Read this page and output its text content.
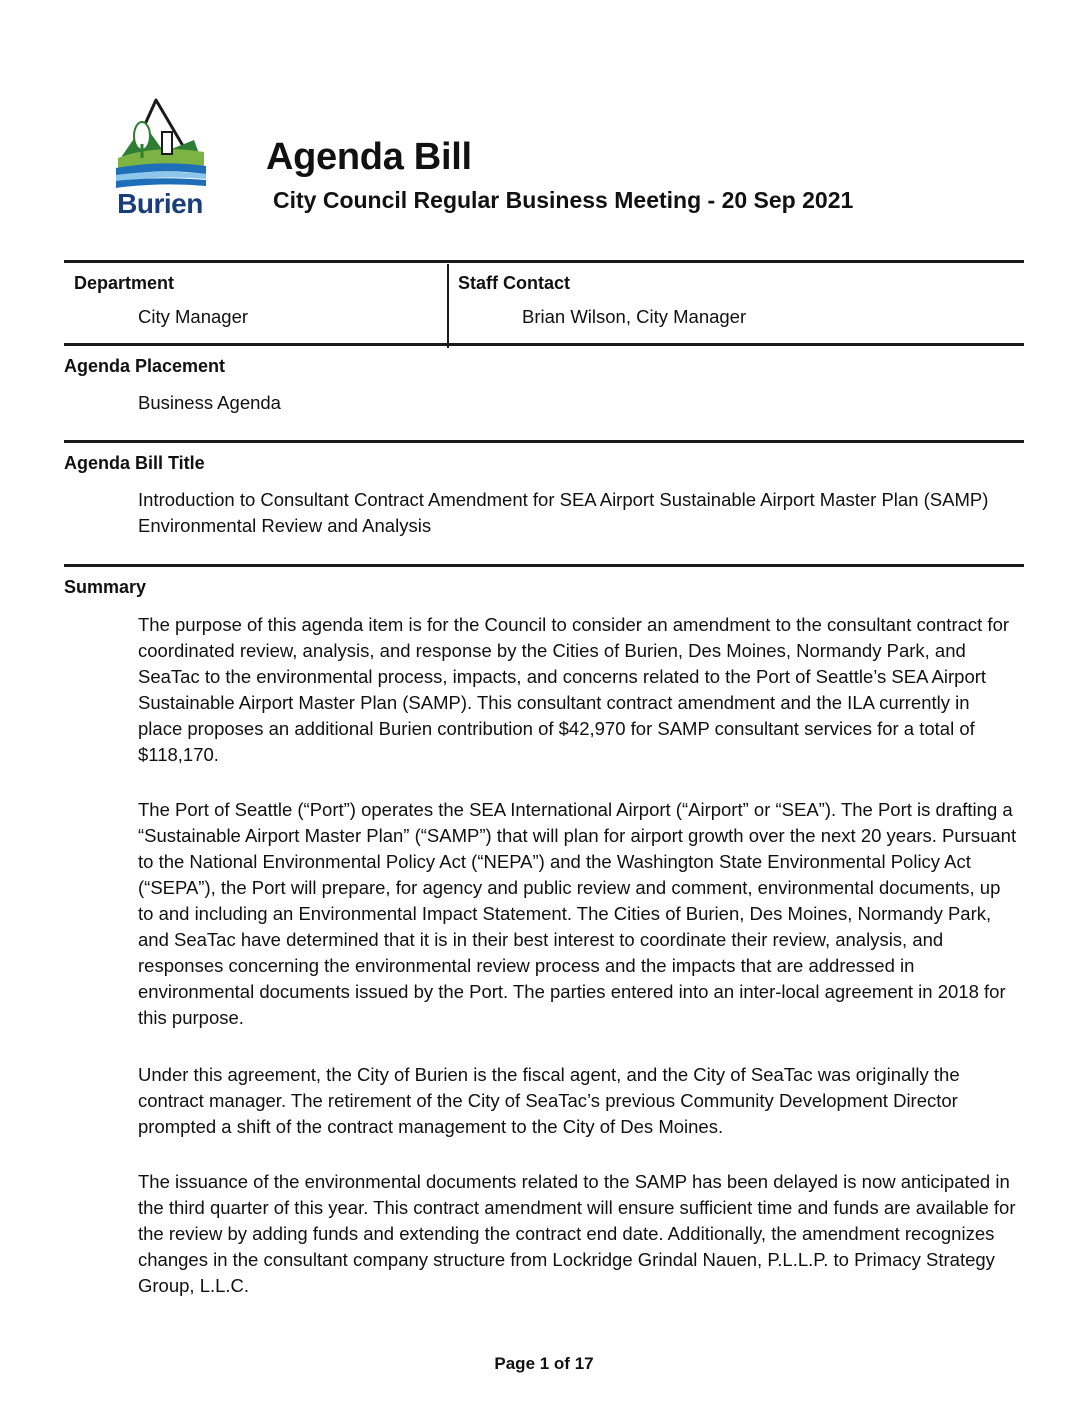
Burien
Agenda Bill
City Council Regular Business Meeting - 20 Sep 2021
Department
City Manager
Staff Contact
Brian Wilson, City Manager
Agenda Placement
Business Agenda
Agenda Bill Title

Introduction to Consultant Contract Amendment for SEA Airport Sustainable Airport Master Plan (SAMP) Environmental Review and Analysis

Summary

The purpose of this agenda item is for the Council to consider an amendment to the consultant contract for coordinated review, analysis, and response by the Cities of Burien, Des Moines, Normandy Park, and SeaTac to the environmental process, impacts, and concerns related to the Port of Seattle’s SEA Airport Sustainable Airport Master Plan (SAMP). This consultant contract amendment and the ILA currently in place proposes an additional Burien contribution of $42,970 for SAMP consultant services for a total of $118,170.

The Port of Seattle (“Port”) operates the SEA International Airport (“Airport” or “SEA”). The Port is drafting a “Sustainable Airport Master Plan” (“SAMP”) that will plan for airport growth over the next 20 years. Pursuant to the National Environmental Policy Act (“NEPA”) and the Washington State Environmental Policy Act (“SEPA”), the Port will prepare, for agency and public review and comment, environmental documents, up to and including an Environmental Impact Statement. The Cities of Burien, Des Moines, Normandy Park, and SeaTac have determined that it is in their best interest to coordinate their review, analysis, and responses concerning the environmental review process and the impacts that are addressed in environmental documents issued by the Port. The parties entered into an inter-local agreement in 2018 for this purpose.

Under this agreement, the City of Burien is the fiscal agent, and the City of SeaTac was originally the contract manager. The retirement of the City of SeaTac’s previous Community Development Director prompted a shift of the contract management to the City of Des Moines.

The issuance of the environmental documents related to the SAMP has been delayed is now anticipated in the third quarter of this year. This contract amendment will ensure sufficient time and funds are available for the review by adding funds and extending the contract end date. Additionally, the amendment recognizes changes in the consultant company structure from Lockridge Grindal Nauen, P.L.L.P. to Primacy Strategy Group, L.L.C.

Page 1 of 17
